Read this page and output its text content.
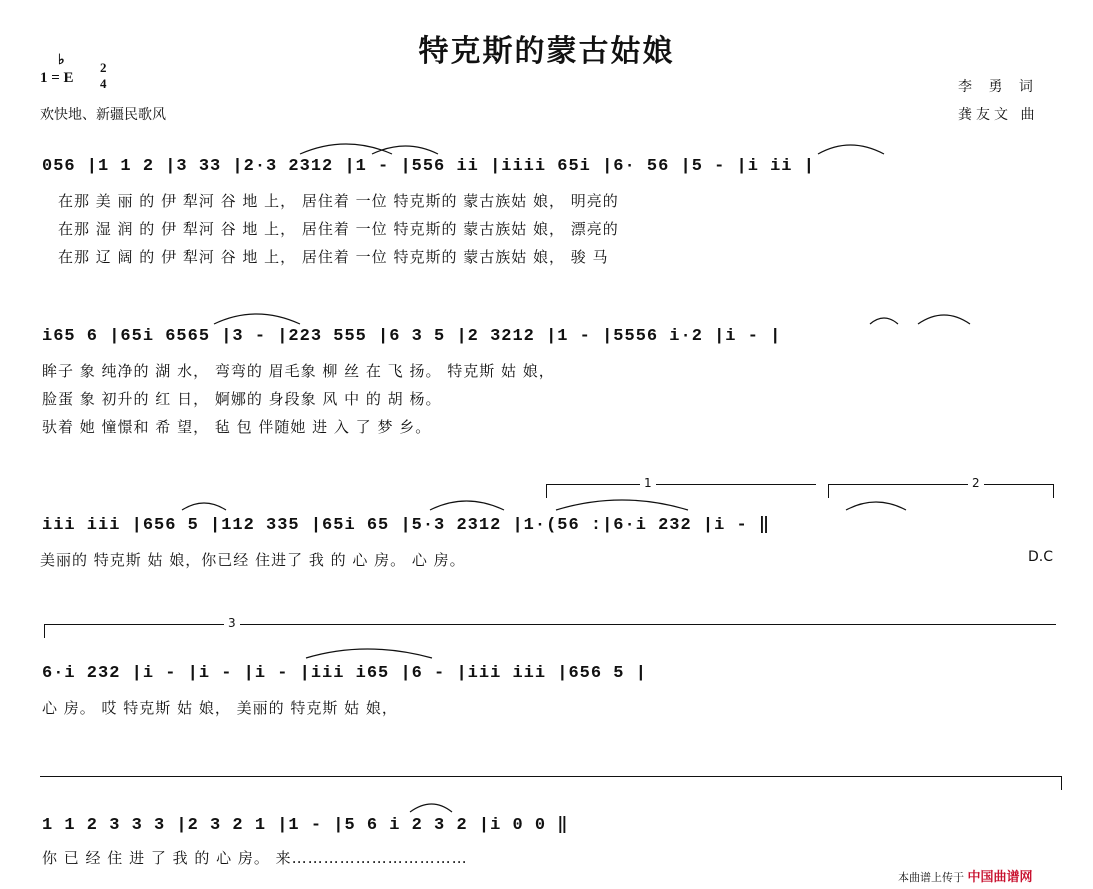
特克斯的蒙古姑娘
♭
1 = E
2
4
欢快地、新疆民歌风
李 勇 词
龚友文 曲
056 |1 1 2 |3 33 |2·3 2312 |1 - |556 ii |iiii 65i |6· 56 |5 - |i ii |
在那 美 丽 的 伊 犁河 谷 地 上， 居住着 一位 特克斯的 蒙古族姑 娘， 明亮的
在那 湿 润 的 伊 犁河 谷 地 上， 居住着 一位 特克斯的 蒙古族姑 娘， 漂亮的
在那 辽 阔 的 伊 犁河 谷 地 上， 居住着 一位 特克斯的 蒙古族姑 娘， 骏 马
i65 6 |65i 6565 |3 - |223 555 |6 3 5 |2 3212 |1 - |5556 i·2 |i - |
眸子 象 纯净的 湖 水， 弯弯的 眉毛象 柳 丝 在 飞 扬。 特克斯 姑 娘，
脸蛋 象 初升的 红 日， 婀娜的 身段象 风 中 的 胡 杨。
驮着 她 憧憬和 希 望， 毡 包 伴随她 进 入 了 梦 乡。
1	2
iii iii |656 5 |112 335 |65i 65 |5·3 2312 |1·(56 :|6·i 232 |i - ‖
美丽的 特克斯 姑 娘，你已经 住进了 我 的 心 房。 心 房。	D.C
3
6·i 232 |i - |i - |i - |iii i65 |6 - |iii iii |656 5 |
心 房。 哎 特克斯 姑 娘， 美丽的 特克斯 姑 娘，
1 1 2 3 3 3 |2 3 2 1 |1 - |5 6 i 2 3 2 |i 0 0 ‖
你 已 经 住 进 了 我 的 心 房。 来……………………………
本曲谱上传于 中国曲谱网
